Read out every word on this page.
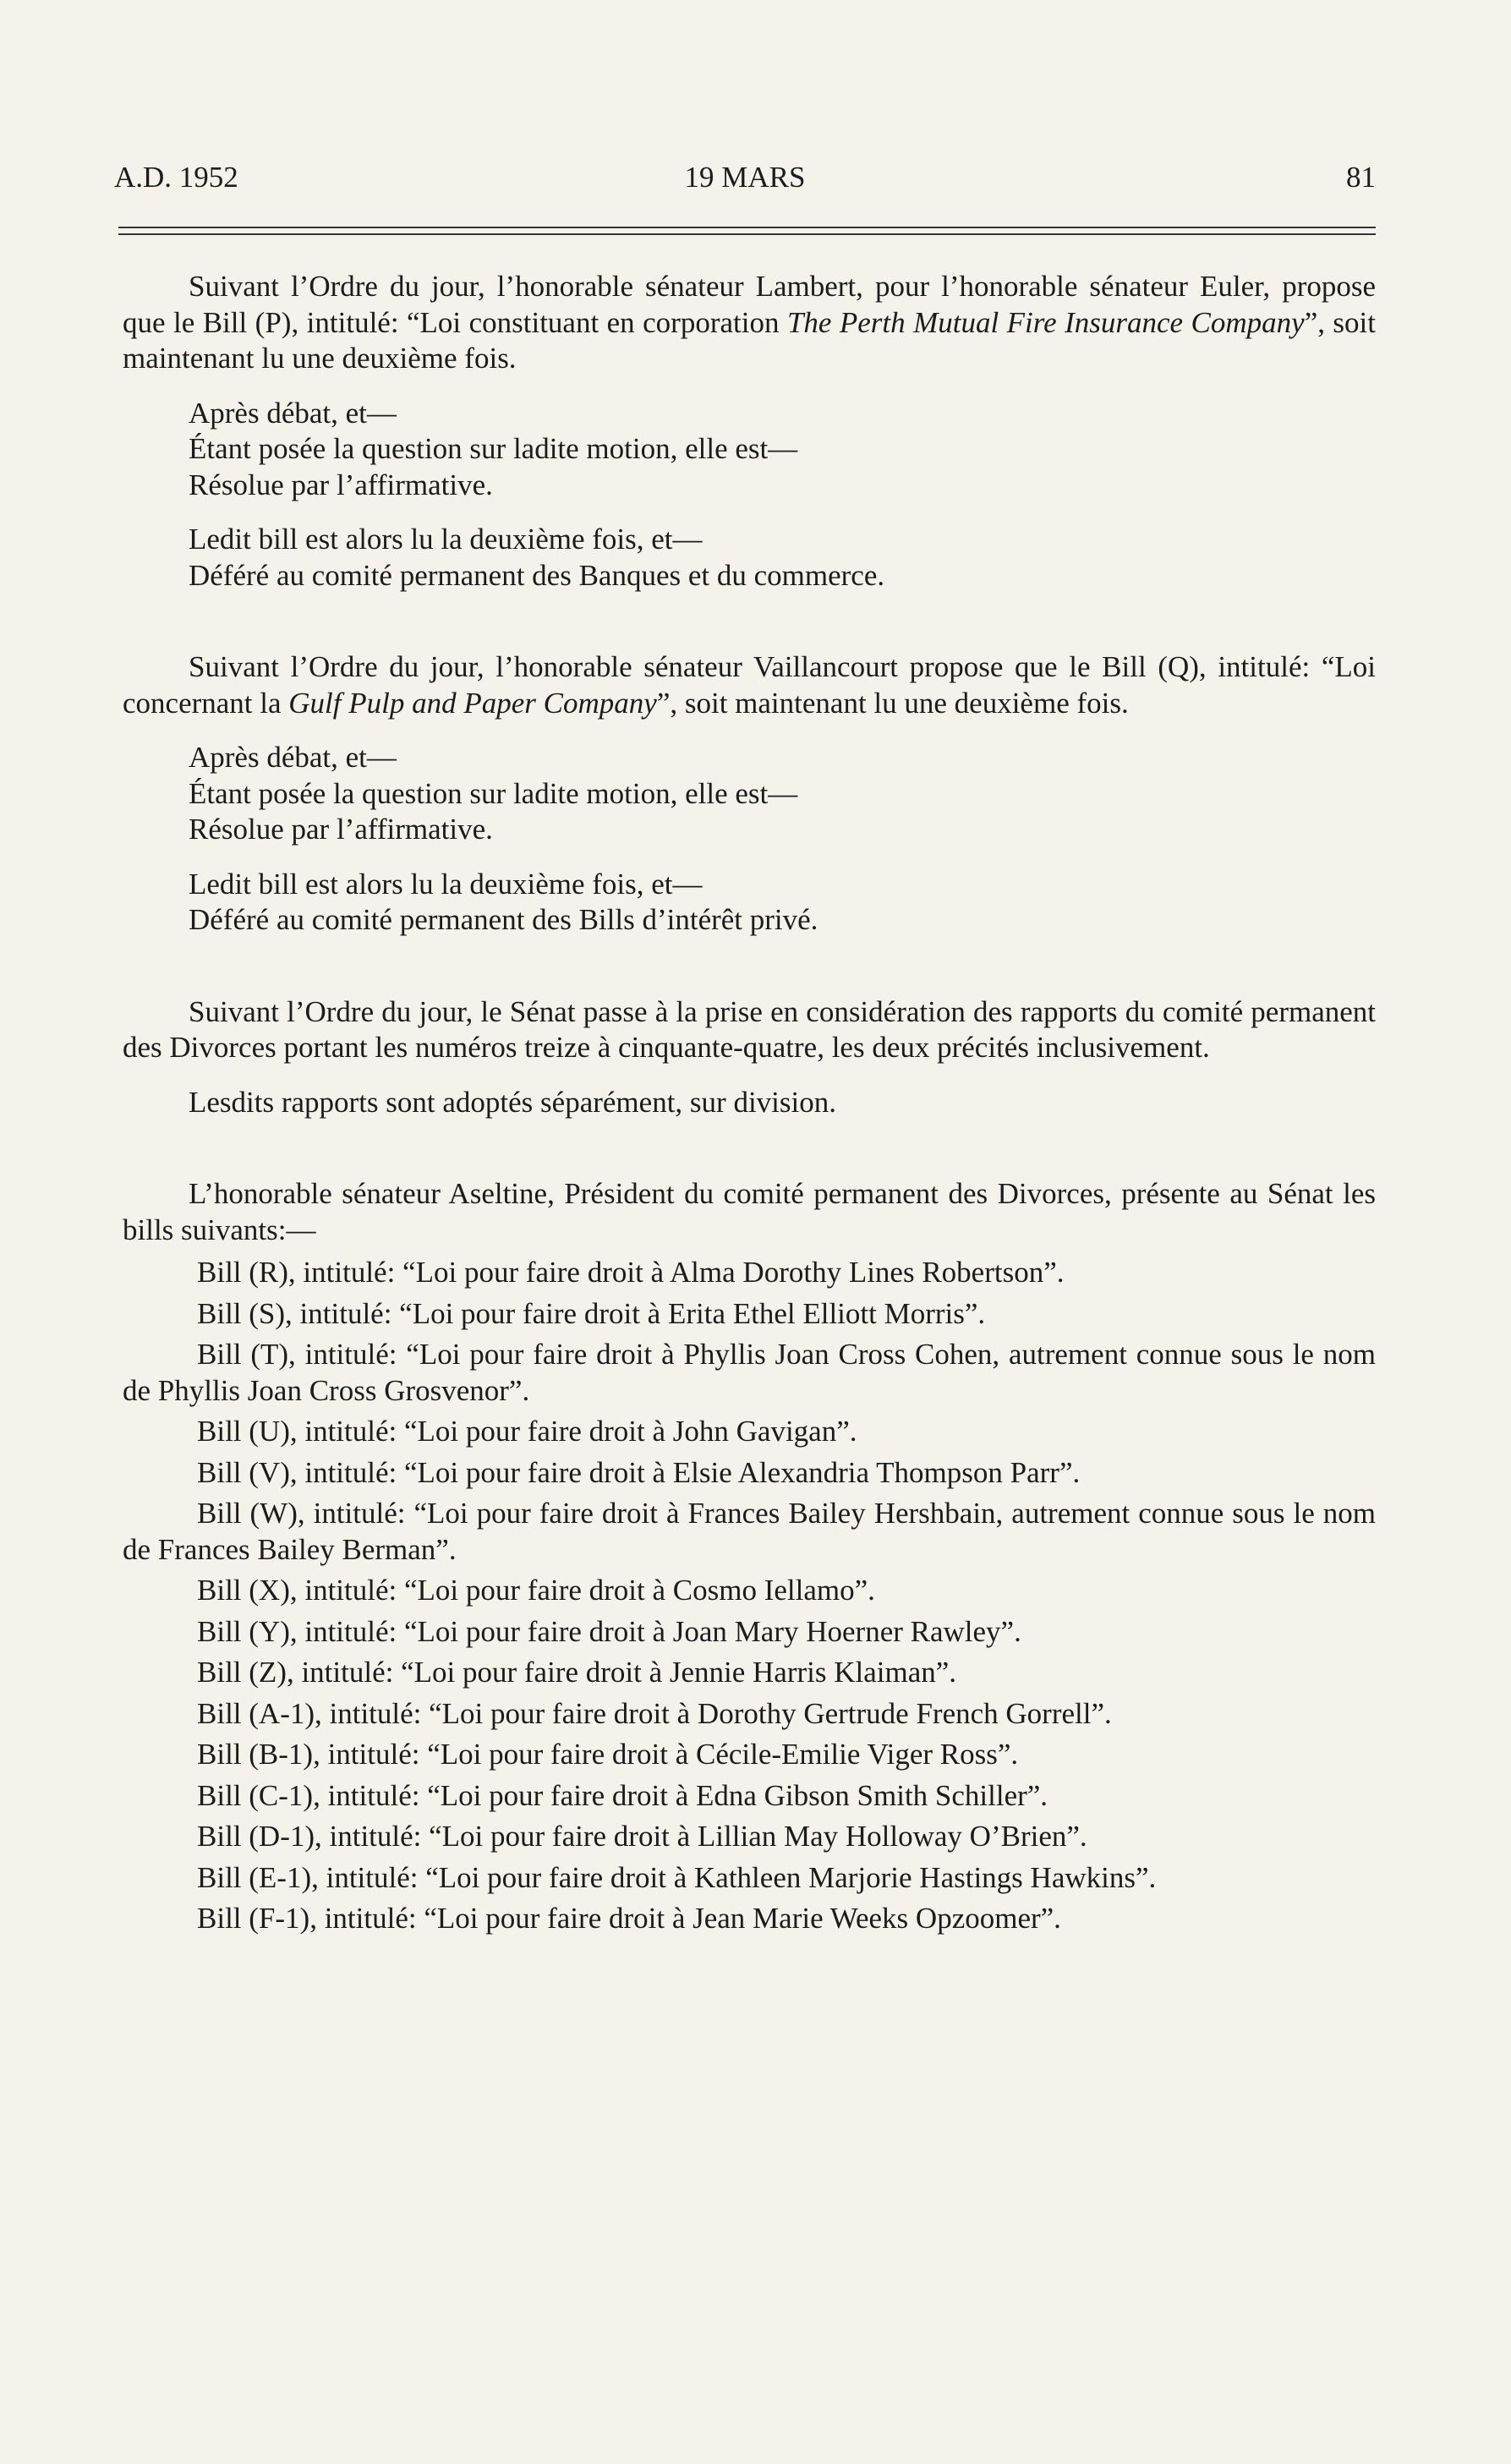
A.D. 1952	19 MARS	81

Suivant l’Ordre du jour, l’honorable sénateur Lambert, pour l’honorable sénateur Euler, propose que le Bill (P), intitulé: “Loi constituant en corporation The Perth Mutual Fire Insurance Company”, soit maintenant lu une deuxième fois.

Après débat, et—

Étant posée la question sur ladite motion, elle est—

Résolue par l’affirmative.

Ledit bill est alors lu la deuxième fois, et—

Déféré au comité permanent des Banques et du commerce.

Suivant l’Ordre du jour, l’honorable sénateur Vaillancourt propose que le Bill (Q), intitulé: “Loi concernant la Gulf Pulp and Paper Company”, soit maintenant lu une deuxième fois.

Après débat, et—

Étant posée la question sur ladite motion, elle est—

Résolue par l’affirmative.

Ledit bill est alors lu la deuxième fois, et—

Déféré au comité permanent des Bills d’intérêt privé.

Suivant l’Ordre du jour, le Sénat passe à la prise en considération des rapports du comité permanent des Divorces portant les numéros treize à cinquante-quatre, les deux précités inclusivement.

Lesdits rapports sont adoptés séparément, sur division.

L’honorable sénateur Aseltine, Président du comité permanent des Divorces, présente au Sénat les bills suivants:—

Bill (R), intitulé: “Loi pour faire droit à Alma Dorothy Lines Robertson”.

Bill (S), intitulé: “Loi pour faire droit à Erita Ethel Elliott Morris”.

Bill (T), intitulé: “Loi pour faire droit à Phyllis Joan Cross Cohen, autrement connue sous le nom de Phyllis Joan Cross Grosvenor”.

Bill (U), intitulé: “Loi pour faire droit à John Gavigan”.

Bill (V), intitulé: “Loi pour faire droit à Elsie Alexandria Thompson Parr”.

Bill (W), intitulé: “Loi pour faire droit à Frances Bailey Hershbain, autrement connue sous le nom de Frances Bailey Berman”.

Bill (X), intitulé: “Loi pour faire droit à Cosmo Iellamo”.

Bill (Y), intitulé: “Loi pour faire droit à Joan Mary Hoerner Rawley”.

Bill (Z), intitulé: “Loi pour faire droit à Jennie Harris Klaiman”.

Bill (A-1), intitulé: “Loi pour faire droit à Dorothy Gertrude French Gorrell”.

Bill (B-1), intitulé: “Loi pour faire droit à Cécile-Emilie Viger Ross”.

Bill (C-1), intitulé: “Loi pour faire droit à Edna Gibson Smith Schiller”.

Bill (D-1), intitulé: “Loi pour faire droit à Lillian May Holloway O’Brien”.

Bill (E-1), intitulé: “Loi pour faire droit à Kathleen Marjorie Hastings Hawkins”.

Bill (F-1), intitulé: “Loi pour faire droit à Jean Marie Weeks Opzoomer”.
